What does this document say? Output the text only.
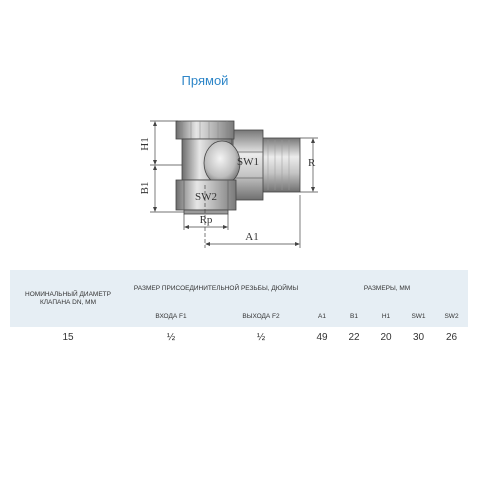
Прямой
H1
B1
SW1
SW2
R
Rp
A1
НОМИНАЛЬНЫЙ ДИАМЕТР КЛАПАНА DN, ММ	РАЗМЕР ПРИСОЕДИНИТЕЛЬНОЙ РЕЗЬБЫ, ДЮЙМЫ		РАЗМЕРЫ, ММ				
	ВХОДА F1	ВЫХОДА F2	A1	B1	H1	SW1	SW2
15	½	½	49	22	20	30	26
